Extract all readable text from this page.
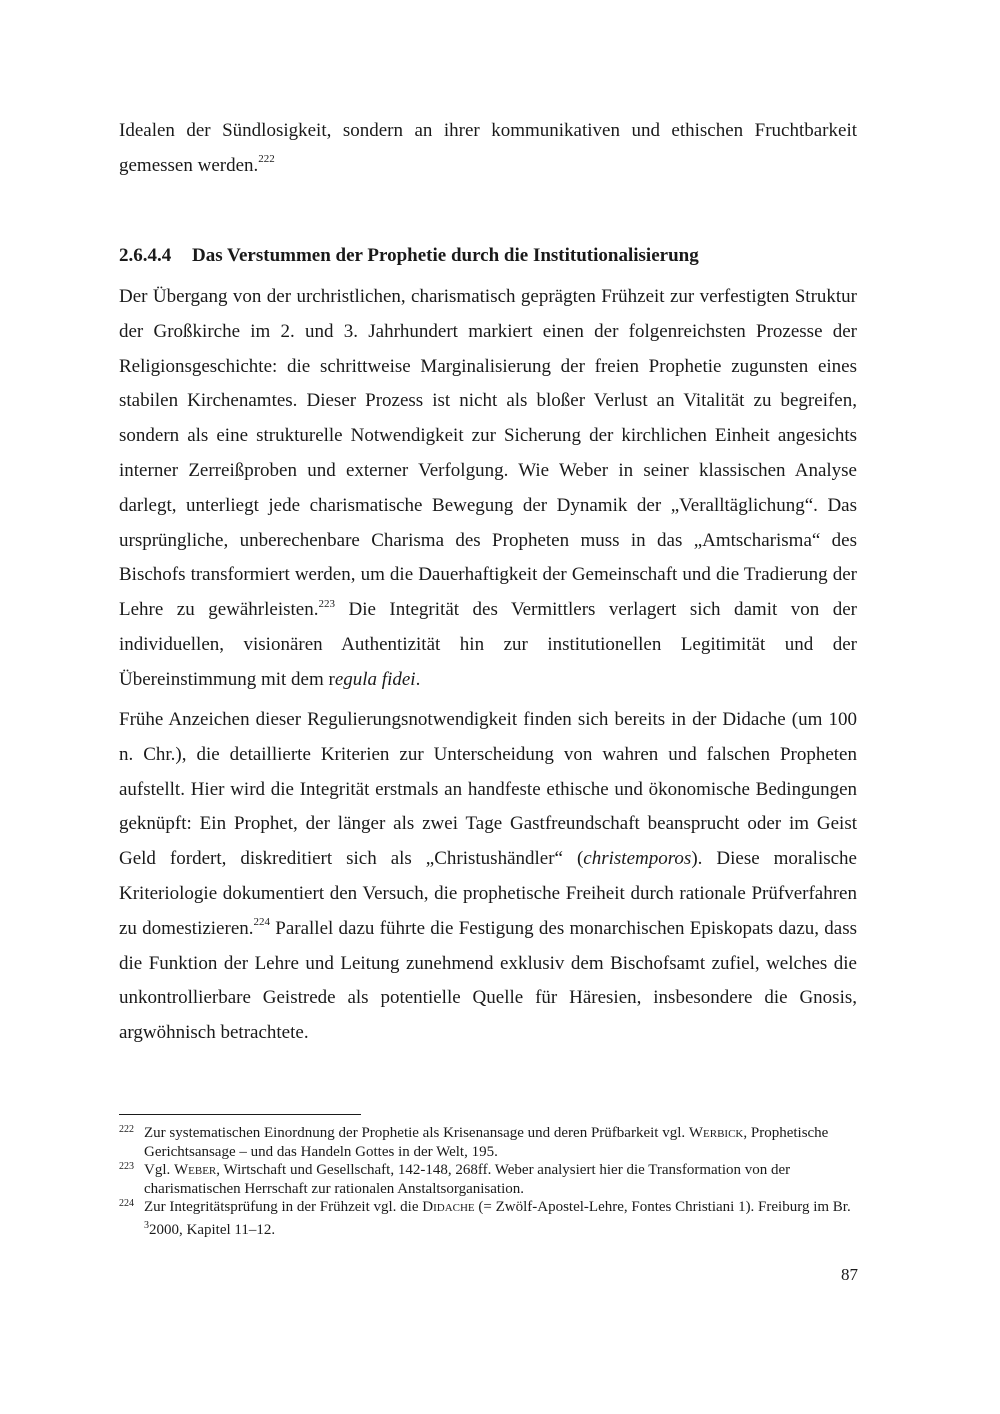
Idealen der Sündlosigkeit, sondern an ihrer kommunikativen und ethischen Fruchtbarkeit gemessen werden.$^{222}$

2.6.4.4 Das Verstummen der Prophetie durch die Institutionalisierung

Der Übergang von der urchristlichen, charismatisch geprägten Frühzeit zur verfestigten Struktur der Großkirche im 2. und 3. Jahrhundert markiert einen der folgenreichsten Prozesse der Religionsgeschichte: die schrittweise Marginalisierung der freien Prophetie zugunsten eines stabilen Kirchenamtes. Dieser Prozess ist nicht als bloßer Verlust an Vitalität zu begreifen, sondern als eine strukturelle Notwendigkeit zur Sicherung der kirchlichen Einheit angesichts interner Zerreißproben und externer Verfolgung. Wie Weber in seiner klassischen Analyse darlegt, unterliegt jede charismatische Bewegung der Dynamik der „Veralltäglichung“. Das ursprüngliche, unberechenbare Charisma des Propheten muss in das „Amtscharisma“ des Bischofs transformiert werden, um die Dauerhaftigkeit der Gemeinschaft und die Tradierung der Lehre zu gewährleisten.$^{223}$ Die Integrität des Vermittlers verlagert sich damit von der individuellen, visionären Authentizität hin zur institutionellen Legitimität und der Übereinstimmung mit dem regula fidei.

Frühe Anzeichen dieser Regulierungsnotwendigkeit finden sich bereits in der Didache (um 100 n. Chr.), die detaillierte Kriterien zur Unterscheidung von wahren und falschen Propheten aufstellt. Hier wird die Integrität erstmals an handfeste ethische und ökonomische Bedingungen geknüpft: Ein Prophet, der länger als zwei Tage Gastfreundschaft beansprucht oder im Geist Geld fordert, diskreditiert sich als „Christushändler“ (christemporos). Diese moralische Kriteriologie dokumentiert den Versuch, die prophetische Freiheit durch rationale Prüfverfahren zu domestizieren.$^{224}$ Parallel dazu führte die Festigung des monarchischen Episkopats dazu, dass die Funktion der Lehre und Leitung zunehmend exklusiv dem Bischofsamt zufiel, welches die unkontrollierbare Geistrede als potentielle Quelle für Häresien, insbesondere die Gnosis, argwöhnisch betrachtete.

222 Zur systematischen Einordnung der Prophetie als Krisenansage und deren Prüfbarkeit vgl. Werbick, Prophetische Gerichtsansage – und das Handeln Gottes in der Welt, 195.

223 Vgl. Weber, Wirtschaft und Gesellschaft, 142-148, 268ff. Weber analysiert hier die Transformation von der charismatischen Herrschaft zur rationalen Anstaltsorganisation.

224 Zur Integritätsprüfung in der Frühzeit vgl. die Didache (= Zwölf-Apostel-Lehre, Fontes Christiani 1). Freiburg im Br. $^3$2000, Kapitel 11–12.

87
